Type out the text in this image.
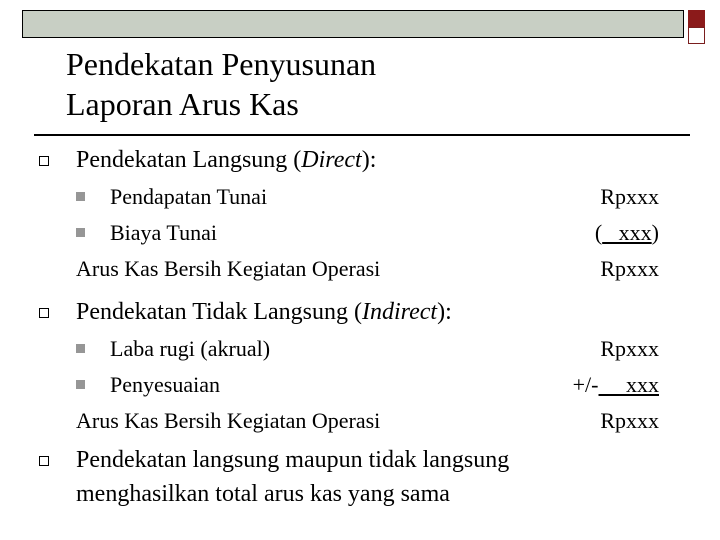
Pendekatan Penyusunan
Laporan Arus Kas
Pendekatan Langsung (Direct):
Pendapatan Tunai	Rpxxx
Biaya Tunai	(   xxx)
Arus Kas Bersih Kegiatan Operasi	Rpxxx
Pendekatan Tidak Langsung (Indirect):
Laba rugi (akrual)	Rpxxx
Penyesuaian	+/-     xxx
Arus Kas Bersih Kegiatan Operasi	Rpxxx
Pendekatan langsung maupun tidak langsung
menghasilkan total arus kas yang sama
